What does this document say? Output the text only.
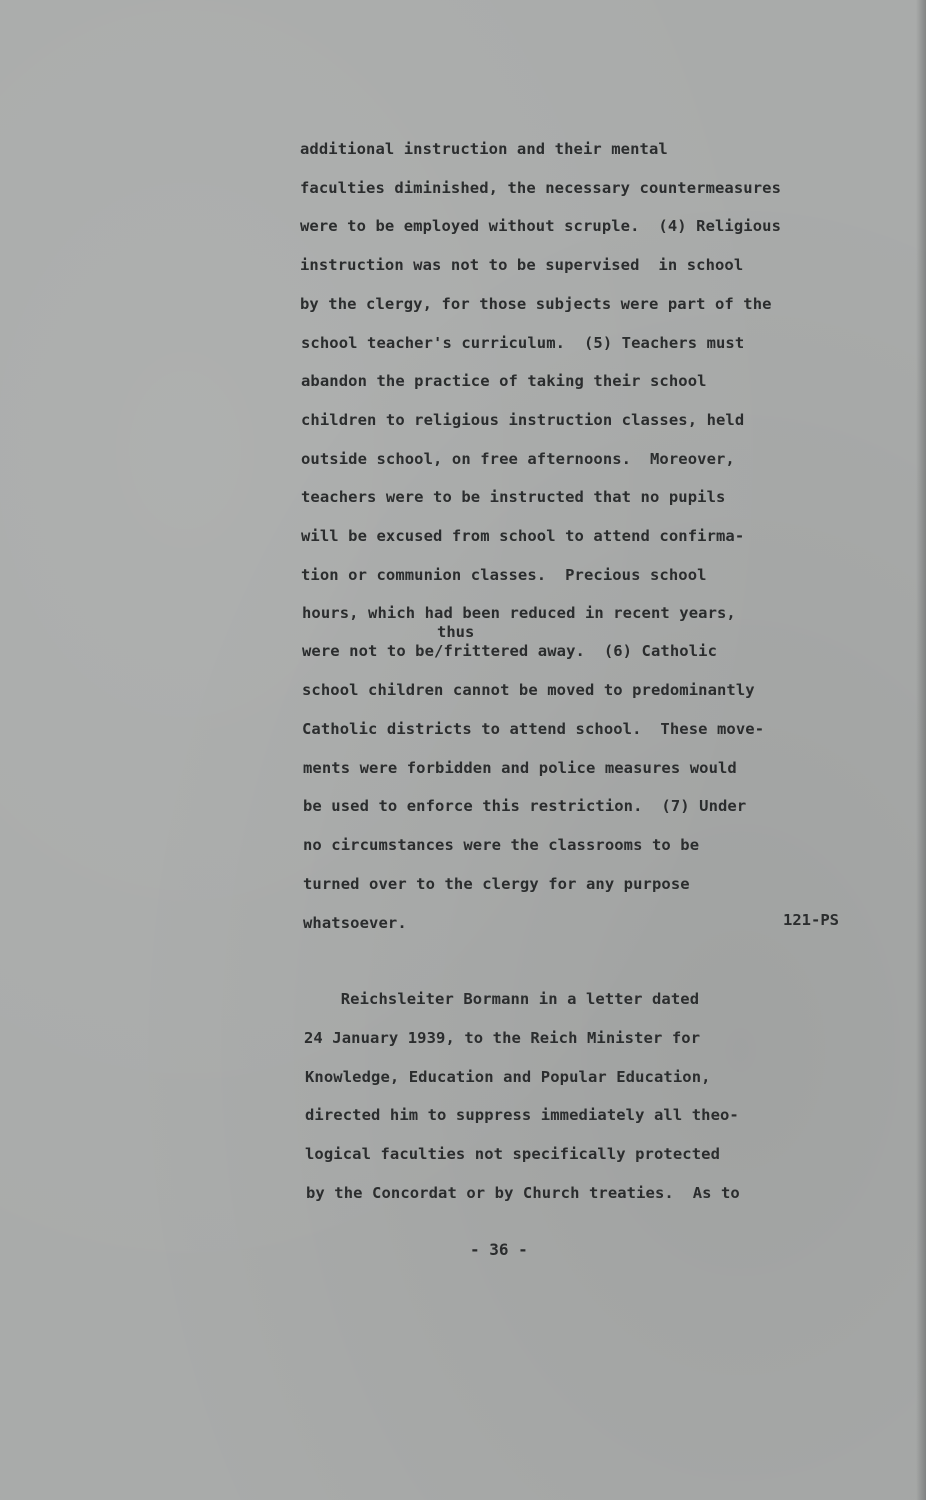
additional instruction and their mental
faculties diminished, the necessary countermeasures
were to be employed without scruple.  (4) Religious
instruction was not to be supervised  in school
by the clergy, for those subjects were part of the
school teacher's curriculum.  (5) Teachers must
abandon the practice of taking their school
children to religious instruction classes, held
outside school, on free afternoons.  Moreover,
teachers were to be instructed that no pupils
will be excused from school to attend confirma-
tion or communion classes.  Precious school
hours, which had been reduced in recent years,
thus
were not to be/frittered away.  (6) Catholic
school children cannot be moved to predominantly
Catholic districts to attend school.  These move-
ments were forbidden and police measures would
be used to enforce this restriction.  (7) Under
no circumstances were the classrooms to be
turned over to the clergy for any purpose
whatsoever.	121-PS
Reichsleiter Bormann in a letter dated
24 January 1939, to the Reich Minister for
Knowledge, Education and Popular Education,
directed him to suppress immediately all theo-
logical faculties not specifically protected
by the Concordat or by Church treaties.  As to
- 36 -
